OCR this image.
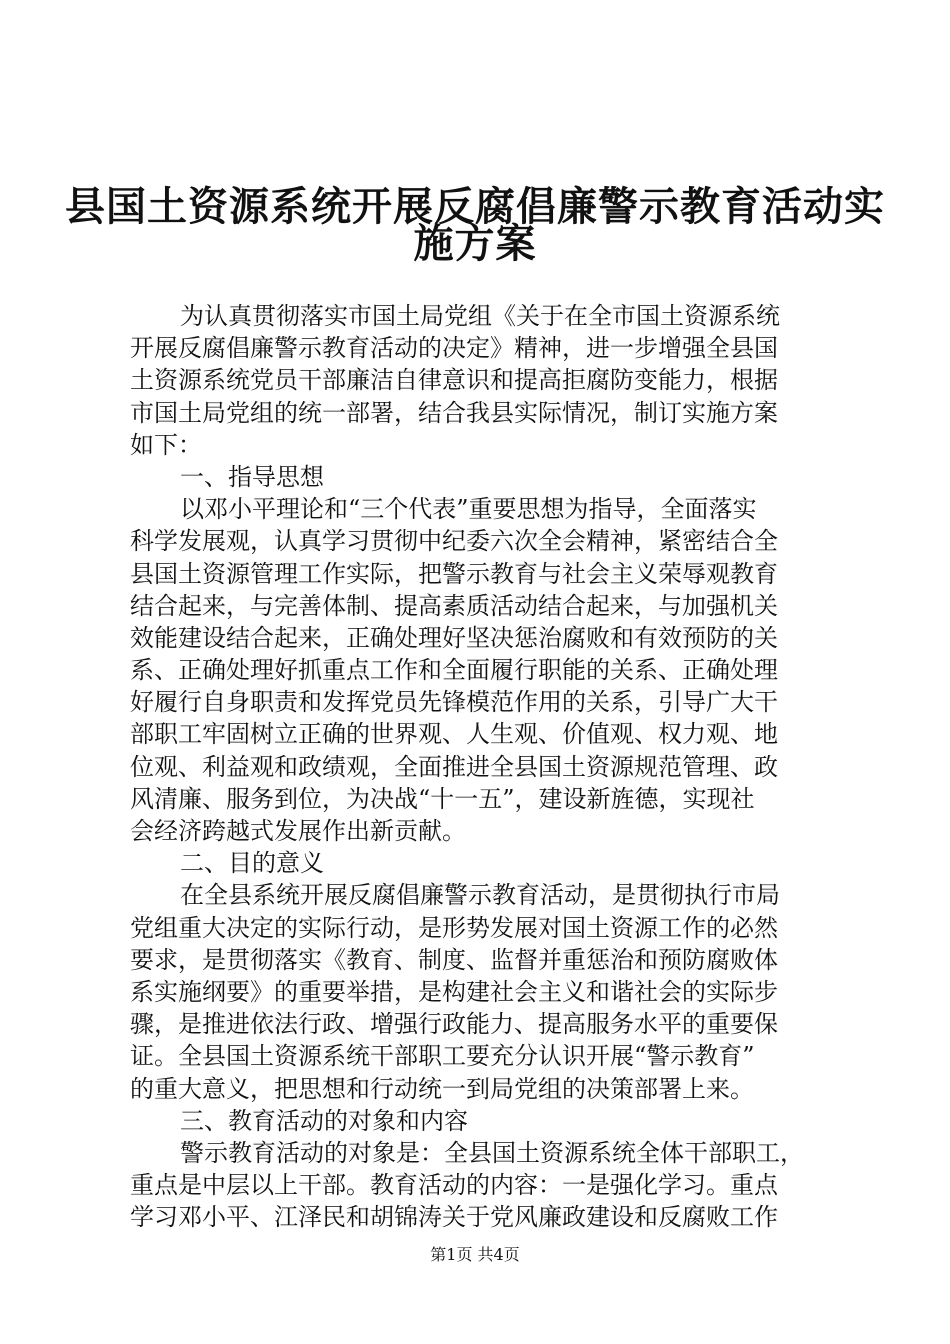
县国土资源系统开展反腐倡廉警示教育活动实
施方案
为认真贯彻落实市国土局党组《关于在全市国土资源系统
开展反腐倡廉警示教育活动的决定》精神，进一步增强全县国
土资源系统党员干部廉洁自律意识和提高拒腐防变能力，根据
市国土局党组的统一部署，结合我县实际情况，制订实施方案
如下：
一、指导思想
以邓小平理论和“三个代表”重要思想为指导，全面落实
科学发展观，认真学习贯彻中纪委六次全会精神，紧密结合全
县国土资源管理工作实际，把警示教育与社会主义荣辱观教育
结合起来，与完善体制、提高素质活动结合起来，与加强机关
效能建设结合起来，正确处理好坚决惩治腐败和有效预防的关
系、正确处理好抓重点工作和全面履行职能的关系、正确处理
好履行自身职责和发挥党员先锋模范作用的关系，引导广大干
部职工牢固树立正确的世界观、人生观、价值观、权力观、地
位观、利益观和政绩观，全面推进全县国土资源规范管理、政
风清廉、服务到位，为决战“十一五”，建设新旌德，实现社
会经济跨越式发展作出新贡献。
二、目的意义
在全县系统开展反腐倡廉警示教育活动，是贯彻执行市局
党组重大决定的实际行动，是形势发展对国土资源工作的必然
要求，是贯彻落实《教育、制度、监督并重惩治和预防腐败体
系实施纲要》的重要举措，是构建社会主义和谐社会的实际步
骤，是推进依法行政、增强行政能力、提高服务水平的重要保
证。全县国土资源系统干部职工要充分认识开展“警示教育”
的重大意义，把思想和行动统一到局党组的决策部署上来。
三、教育活动的对象和内容
警示教育活动的对象是：全县国土资源系统全体干部职工，
重点是中层以上干部。教育活动的内容：一是强化学习。重点
学习邓小平、江泽民和胡锦涛关于党风廉政建设和反腐败工作
第1页 共4页
